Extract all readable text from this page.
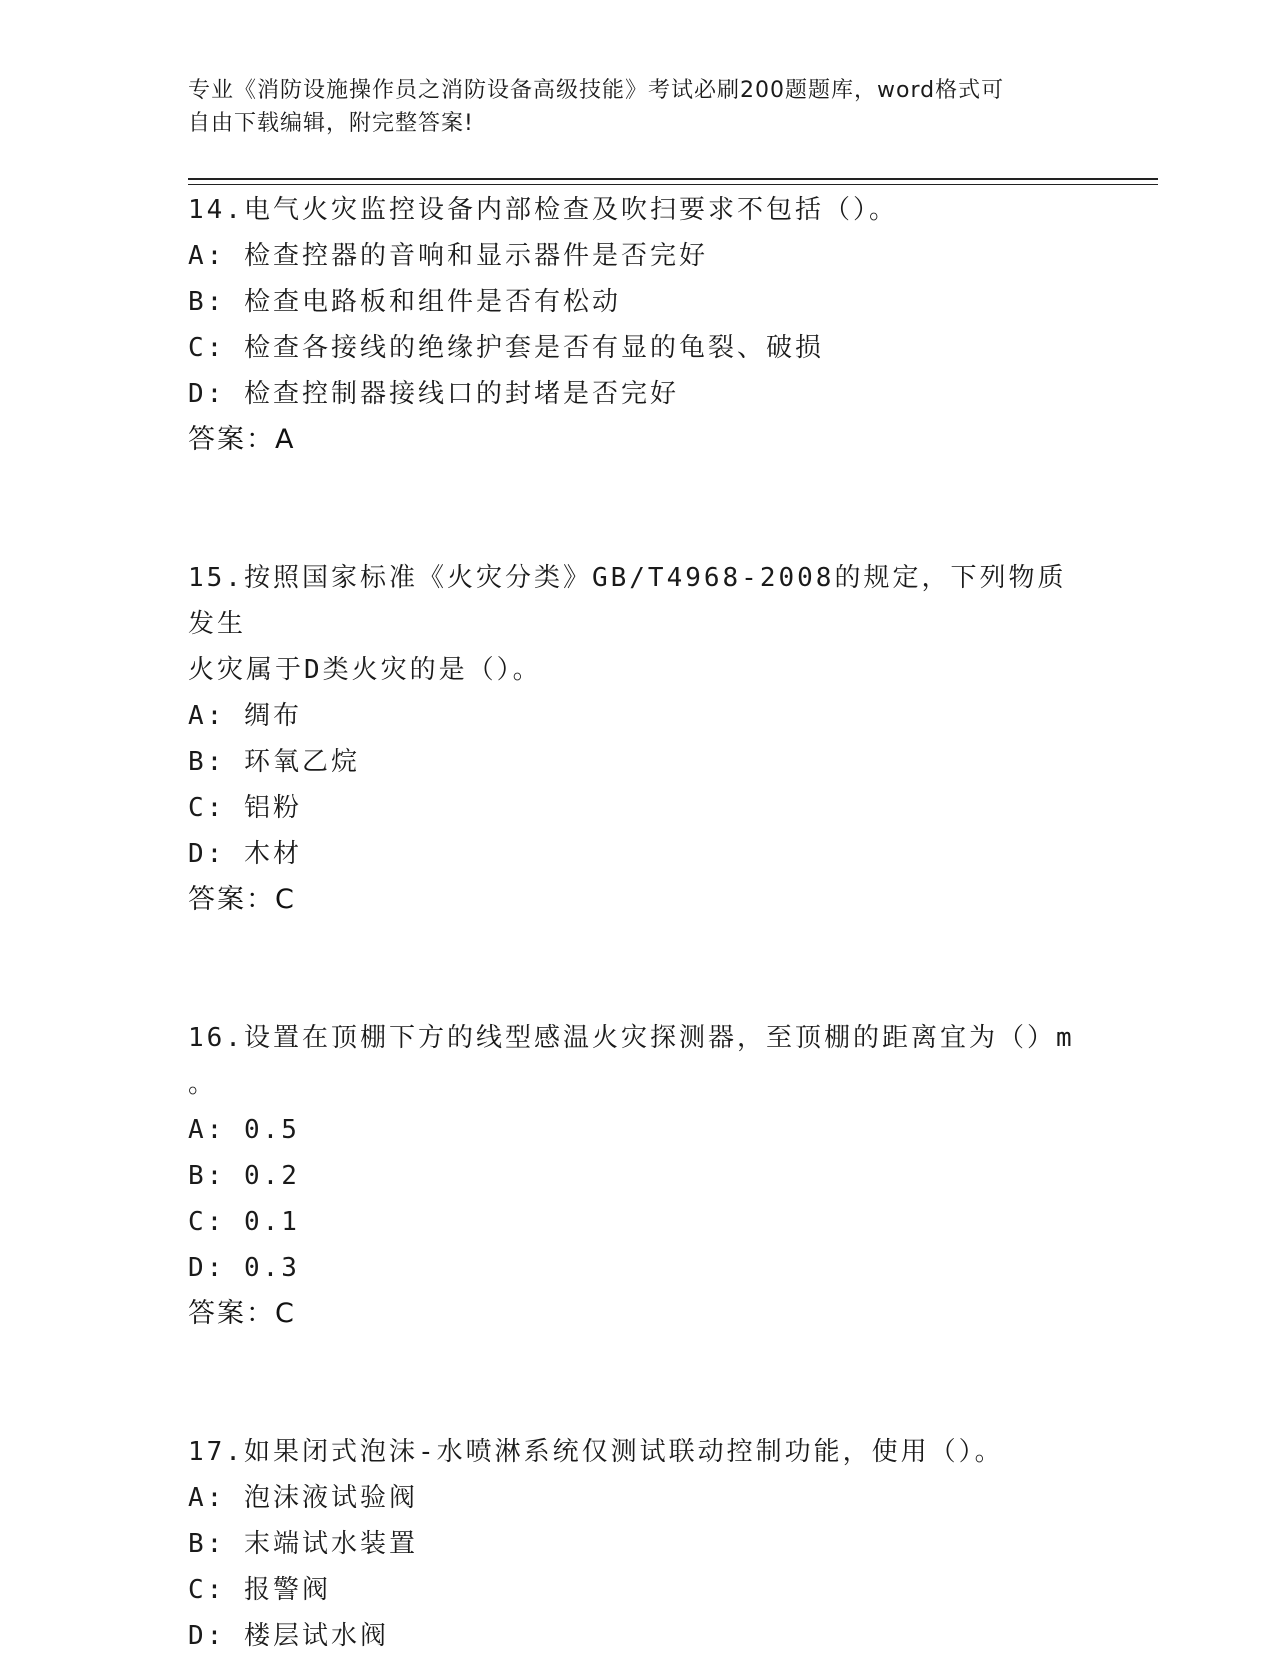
专业《消防设施操作员之消防设备高级技能》考试必刷200题题库，word格式可
自由下载编辑，附完整答案!
14.电气火灾监控设备内部检查及吹扫要求不包括（）。
A: 检查控器的音响和显示器件是否完好
B: 检查电路板和组件是否有松动
C: 检查各接线的绝缘护套是否有显的龟裂、破损
D: 检查控制器接线口的封堵是否完好
答案：A
15.按照国家标准《火灾分类》GB/T4968-2008的规定，下列物质发生
火灾属于D类火灾的是（）。
A: 绸布
B: 环氧乙烷
C: 铝粉
D: 木材
答案：C
16.设置在顶棚下方的线型感温火灾探测器，至顶棚的距离宜为（）m
。
A: 0.5
B: 0.2
C: 0.1
D: 0.3
答案：C
17.如果闭式泡沫-水喷淋系统仅测试联动控制功能，使用（）。
A: 泡沫液试验阀
B: 末端试水装置
C: 报警阀
D: 楼层试水阀
